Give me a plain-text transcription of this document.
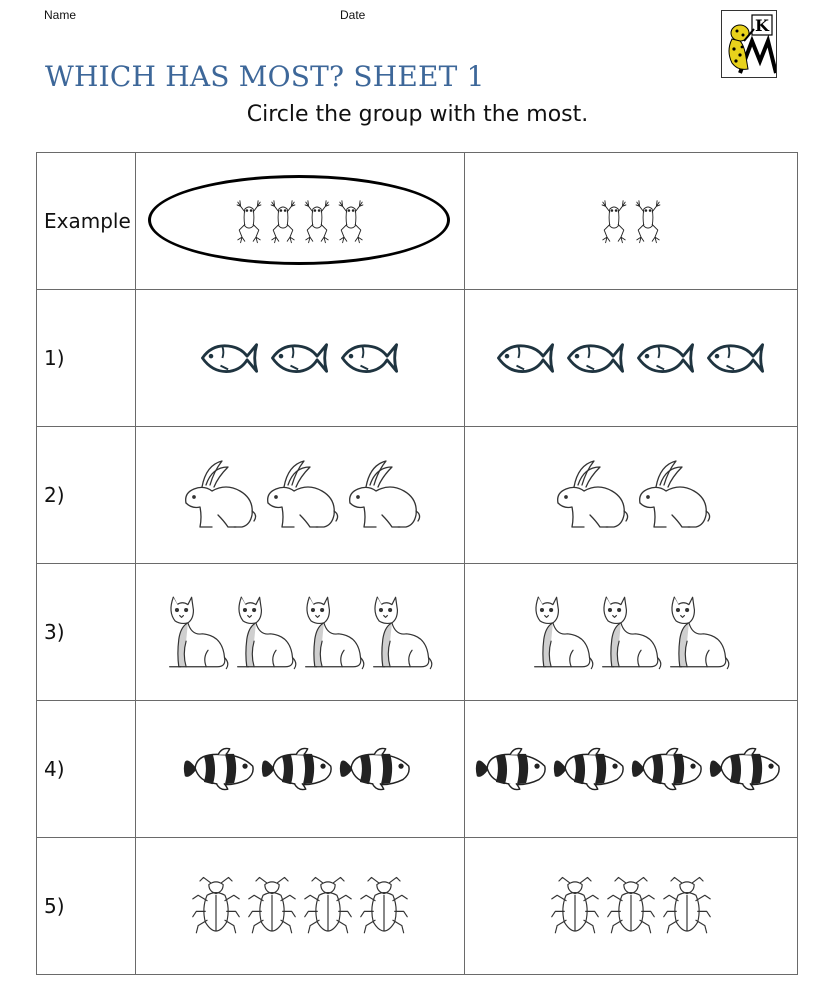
Name	Date
K
WHICH HAS MOST? SHEET 1
Circle the group with the most.
Example	

1)	

2)	

3)	

4)	

5)	
